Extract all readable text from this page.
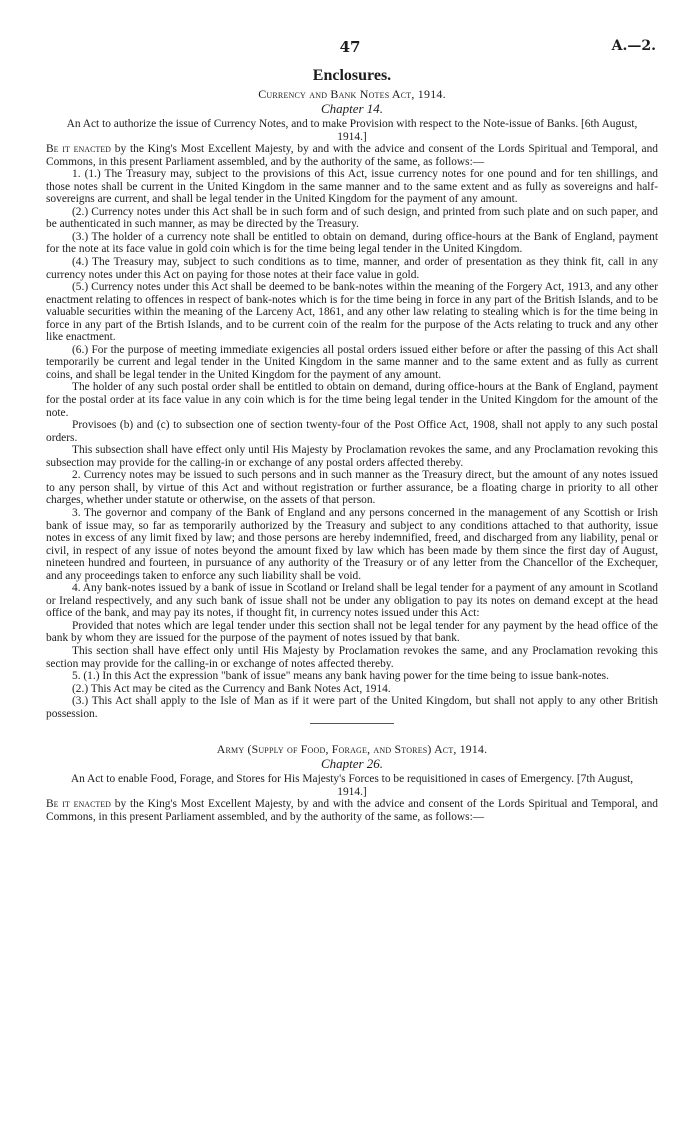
47	A.—2.

Enclosures.

Currency and Bank Notes Act, 1914.

Chapter 14.

An Act to authorize the issue of Currency Notes, and to make Provision with respect to the Note-issue of Banks. [6th August, 1914.]

Be it enacted by the King's Most Excellent Majesty, by and with the advice and consent of the Lords Spiritual and Temporal, and Commons, in this present Parliament assembled, and by the authority of the same, as follows:—

1. (1.) The Treasury may, subject to the provisions of this Act, issue currency notes for one pound and for ten shillings, and those notes shall be current in the United Kingdom in the same manner and to the same extent and as fully as sovereigns and half-sovereigns are current, and shall be legal tender in the United Kingdom for the payment of any amount.

(2.) Currency notes under this Act shall be in such form and of such design, and printed from such plate and on such paper, and be authenticated in such manner, as may be directed by the Treasury.

(3.) The holder of a currency note shall be entitled to obtain on demand, during office-hours at the Bank of England, payment for the note at its face value in gold coin which is for the time being legal tender in the United Kingdom.

(4.) The Treasury may, subject to such conditions as to time, manner, and order of presentation as they think fit, call in any currency notes under this Act on paying for those notes at their face value in gold.

(5.) Currency notes under this Act shall be deemed to be bank-notes within the meaning of the Forgery Act, 1913, and any other enactment relating to offences in respect of bank-notes which is for the time being in force in any part of the British Islands, and to be valuable securities within the meaning of the Larceny Act, 1861, and any other law relating to stealing which is for the time being in force in any part of the Brtish Islands, and to be current coin of the realm for the purpose of the Acts relating to truck and any other like enactment.

(6.) For the purpose of meeting immediate exigencies all postal orders issued either before or after the passing of this Act shall temporarily be current and legal tender in the United Kingdom in the same manner and to the same extent and as fully as current coins, and shall be legal tender in the United Kingdom for the payment of any amount.

The holder of any such postal order shall be entitled to obtain on demand, during office-hours at the Bank of England, payment for the postal order at its face value in any coin which is for the time being legal tender in the United Kingdom for the amount of the note.

Provisoes (b) and (c) to subsection one of section twenty-four of the Post Office Act, 1908, shall not apply to any such postal orders.

This subsection shall have effect only until His Majesty by Proclamation revokes the same, and any Proclamation revoking this subsection may provide for the calling-in or exchange of any postal orders affected thereby.

2. Currency notes may be issued to such persons and in such manner as the Treasury direct, but the amount of any notes issued to any person shall, by virtue of this Act and without registration or further assurance, be a floating charge in priority to all other charges, whether under statute or otherwise, on the assets of that person.

3. The governor and company of the Bank of England and any persons concerned in the management of any Scottish or Irish bank of issue may, so far as temporarily authorized by the Treasury and subject to any conditions attached to that authority, issue notes in excess of any limit fixed by law; and those persons are hereby indemnified, freed, and discharged from any liability, penal or civil, in respect of any issue of notes beyond the amount fixed by law which has been made by them since the first day of August, nineteen hundred and fourteen, in pursuance of any authority of the Treasury or of any letter from the Chancellor of the Exchequer, and any proceedings taken to enforce any such liability shall be void.

4. Any bank-notes issued by a bank of issue in Scotland or Ireland shall be legal tender for a payment of any amount in Scotland or Ireland respectively, and any such bank of issue shall not be under any obligation to pay its notes on demand except at the head office of the bank, and may pay its notes, if thought fit, in currency notes issued under this Act:

Provided that notes which are legal tender under this section shall not be legal tender for any payment by the head office of the bank by whom they are issued for the purpose of the payment of notes issued by that bank.

This section shall have effect only until His Majesty by Proclamation revokes the same, and any Proclamation revoking this section may provide for the calling-in or exchange of notes affected thereby.

5. (1.) In this Act the expression "bank of issue" means any bank having power for the time being to issue bank-notes.

(2.) This Act may be cited as the Currency and Bank Notes Act, 1914.

(3.) This Act shall apply to the Isle of Man as if it were part of the United Kingdom, but shall not apply to any other British possession.

Army (Supply of Food, Forage, and Stores) Act, 1914.

Chapter 26.

An Act to enable Food, Forage, and Stores for His Majesty's Forces to be requisitioned in cases of Emergency. [7th August, 1914.]

Be it enacted by the King's Most Excellent Majesty, by and with the advice and consent of the Lords Spiritual and Temporal, and Commons, in this present Parliament assembled, and by the authority of the same, as follows:—
